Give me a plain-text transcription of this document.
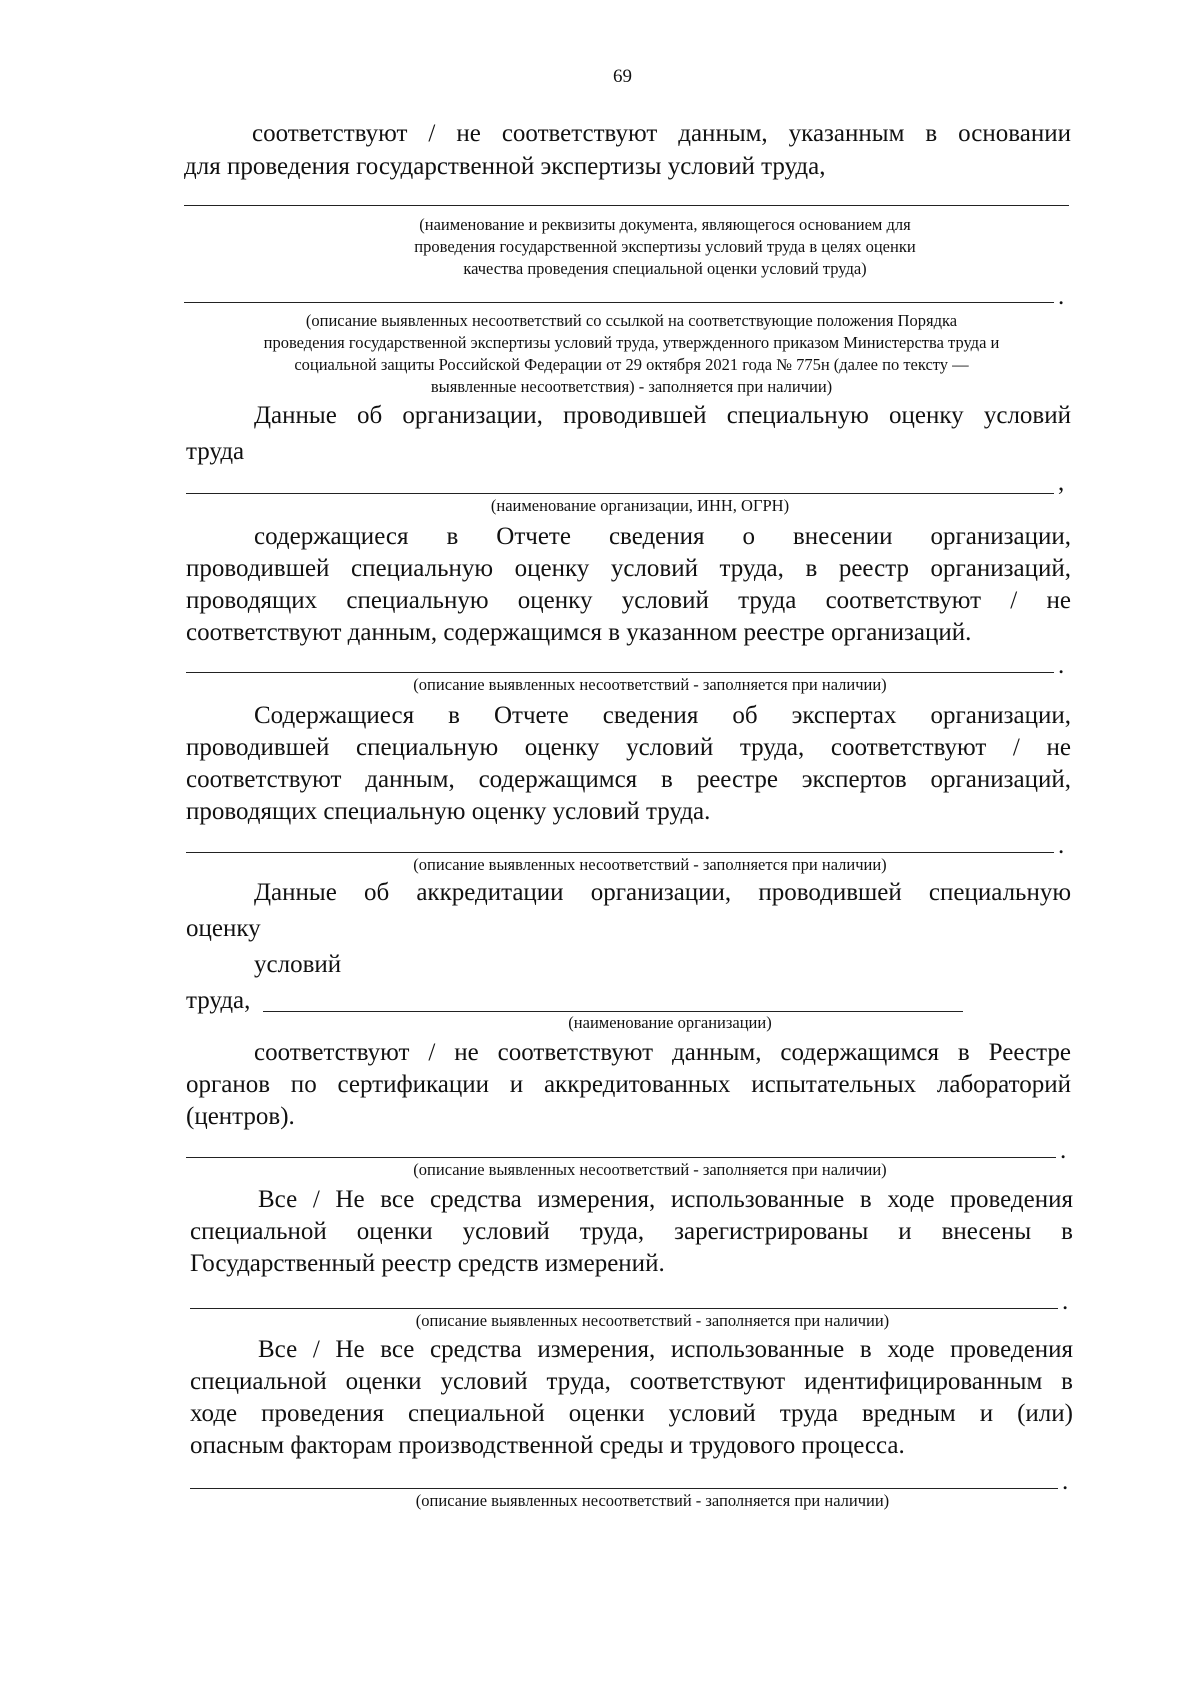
69

соответствуют / не соответствуют данным, указанным в основании

для проведения государственной экспертизы условий труда,

(наименование и реквизиты документа, являющегося основанием для

проведения государственной экспертизы условий труда в целях оценки

качества проведения специальной оценки условий труда)

.

(описание выявленных несоответствий со ссылкой на соответствующие положения Порядка

проведения государственной экспертизы условий труда, утвержденного приказом Министерства труда и

социальной защиты Российской Федерации от 29 октября 2021 года № 775н (далее по тексту —

выявленные несоответствия) - заполняется при наличии)

Данные об организации, проводившей специальную оценку условий

труда

,

(наименование организации, ИНН, ОГРН)

содержащиеся в Отчете сведения о внесении организации,

проводившей специальную оценку условий труда, в реестр организаций,

проводящих специальную оценку условий труда соответствуют / не

соответствуют данным, содержащимся в указанном реестре организаций.

.

(описание выявленных несоответствий - заполняется при наличии)

Содержащиеся в Отчете сведения об экспертах организации,

проводившей специальную оценку условий труда, соответствуют / не

соответствуют данным, содержащимся в реестре экспертов организаций,

проводящих специальную оценку условий труда.

.

(описание выявленных несоответствий - заполняется при наличии)

Данные об аккредитации организации, проводившей специальную

оценку

условий

труда,

(наименование организации)

соответствуют / не соответствуют данным, содержащимся в Реестре

органов по сертификации и аккредитованных испытательных лабораторий

(центров).

.

(описание выявленных несоответствий - заполняется при наличии)

Все / Не все средства измерения, использованные в ходе проведения

специальной оценки условий труда, зарегистрированы и внесены в

Государственный реестр средств измерений.

.

(описание выявленных несоответствий - заполняется при наличии)

Все / Не все средства измерения, использованные в ходе проведения

специальной оценки условий труда, соответствуют идентифицированным в

ходе проведения специальной оценки условий труда вредным и (или)

опасным факторам производственной среды и трудового процесса.

.

(описание выявленных несоответствий - заполняется при наличии)
